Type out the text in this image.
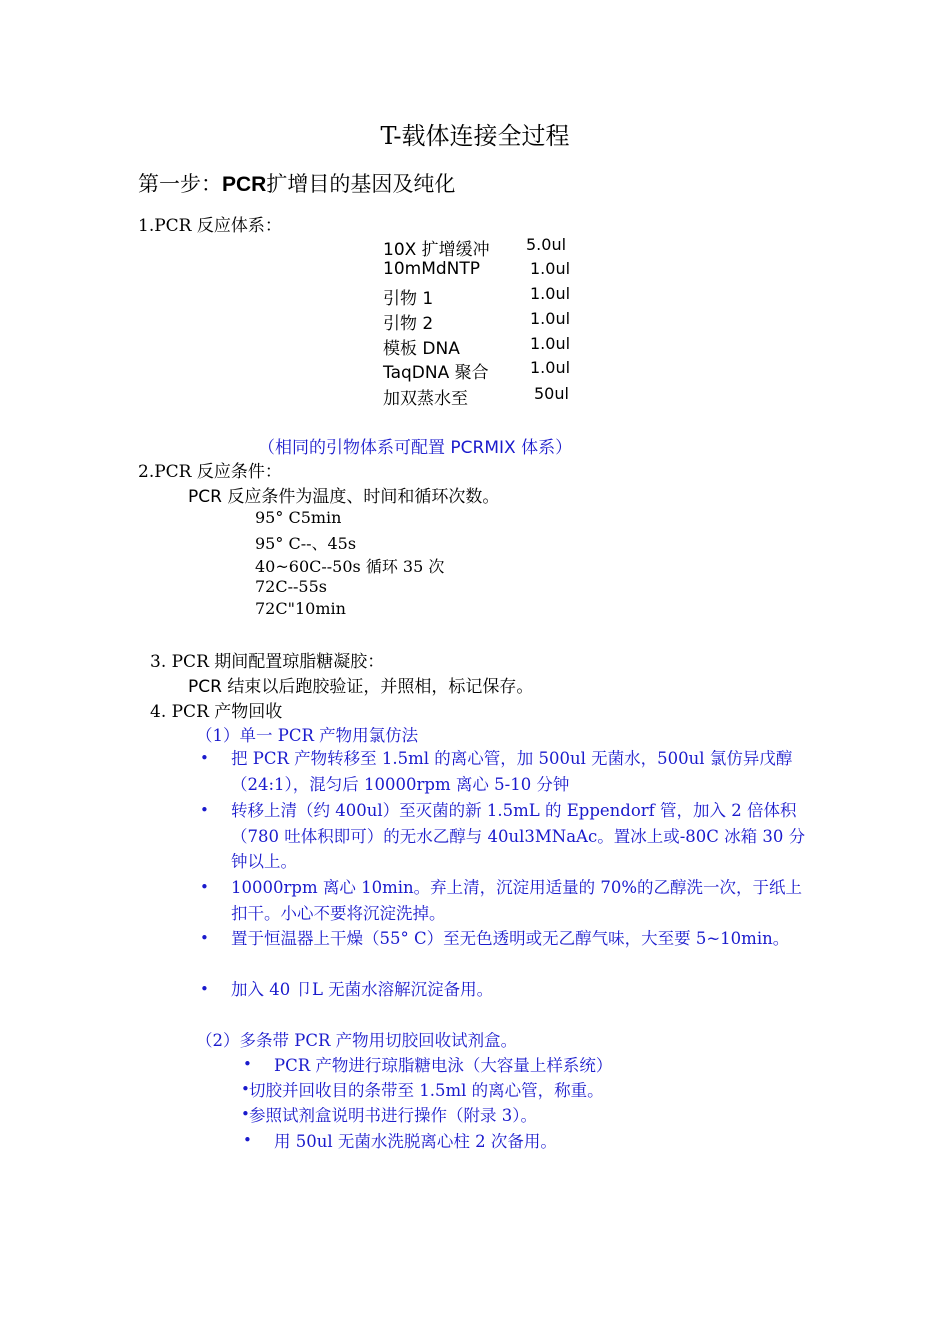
T-载体连接全过程
第一步：PCR扩增目的基因及纯化
1.PCR 反应体系：
10X 扩增缓冲 5.0ul
10mMdNTP	1.0ul
引物 1	1.0ul
引物 2	1.0ul
模板 DNA	1.0ul
TaqDNA 聚合	1.0ul
加双蒸水至	50ul
（相同的引物体系可配置 PCRMIX 体系）
2.PCR 反应条件：
PCR 反应条件为温度、时间和循环次数。
95° C5min
95° C--、45s
40~60C--50s 循环 35 次
72C--55s
72C"10min
3. PCR 期间配置琼脂糖凝胶：
PCR 结束以后跑胶验证，并照相，标记保存。
4. PCR 产物回收
（1）单一 PCR 产物用氯仿法
• 把 PCR 产物转移至 1.5ml 的离心管，加 500ul 无菌水，500ul 氯仿异戊醇（24:1），混匀后 10000rpm 离心 5-10 分钟
• 转移上清（约 400ul）至灭菌的新 1.5mL 的 Eppendorf 管，加入 2 倍体积（780 吐体积即可）的无水乙醇与 40ul3MNaAc。置冰上或-80C 冰箱 30 分钟以上。
• 10000rpm 离心 10min。弃上清，沉淀用适量的 70%的乙醇洗一次，于纸上扣干。小心不要将沉淀洗掉。
• 置于恒温器上干燥（55° C）至无色透明或无乙醇气味，大至要 5~10min。
• 加入 40 卩L 无菌水溶解沉淀备用。
（2）多条带 PCR 产物用切胶回收试剂盒。
• PCR 产物进行琼脂糖电泳（大容量上样系统）
• 切胶并回收目的条带至 1.5ml 的离心管，称重。
• 参照试剂盒说明书进行操作（附录 3）。
• 用 50ul 无菌水洗脱离心柱 2 次备用。
